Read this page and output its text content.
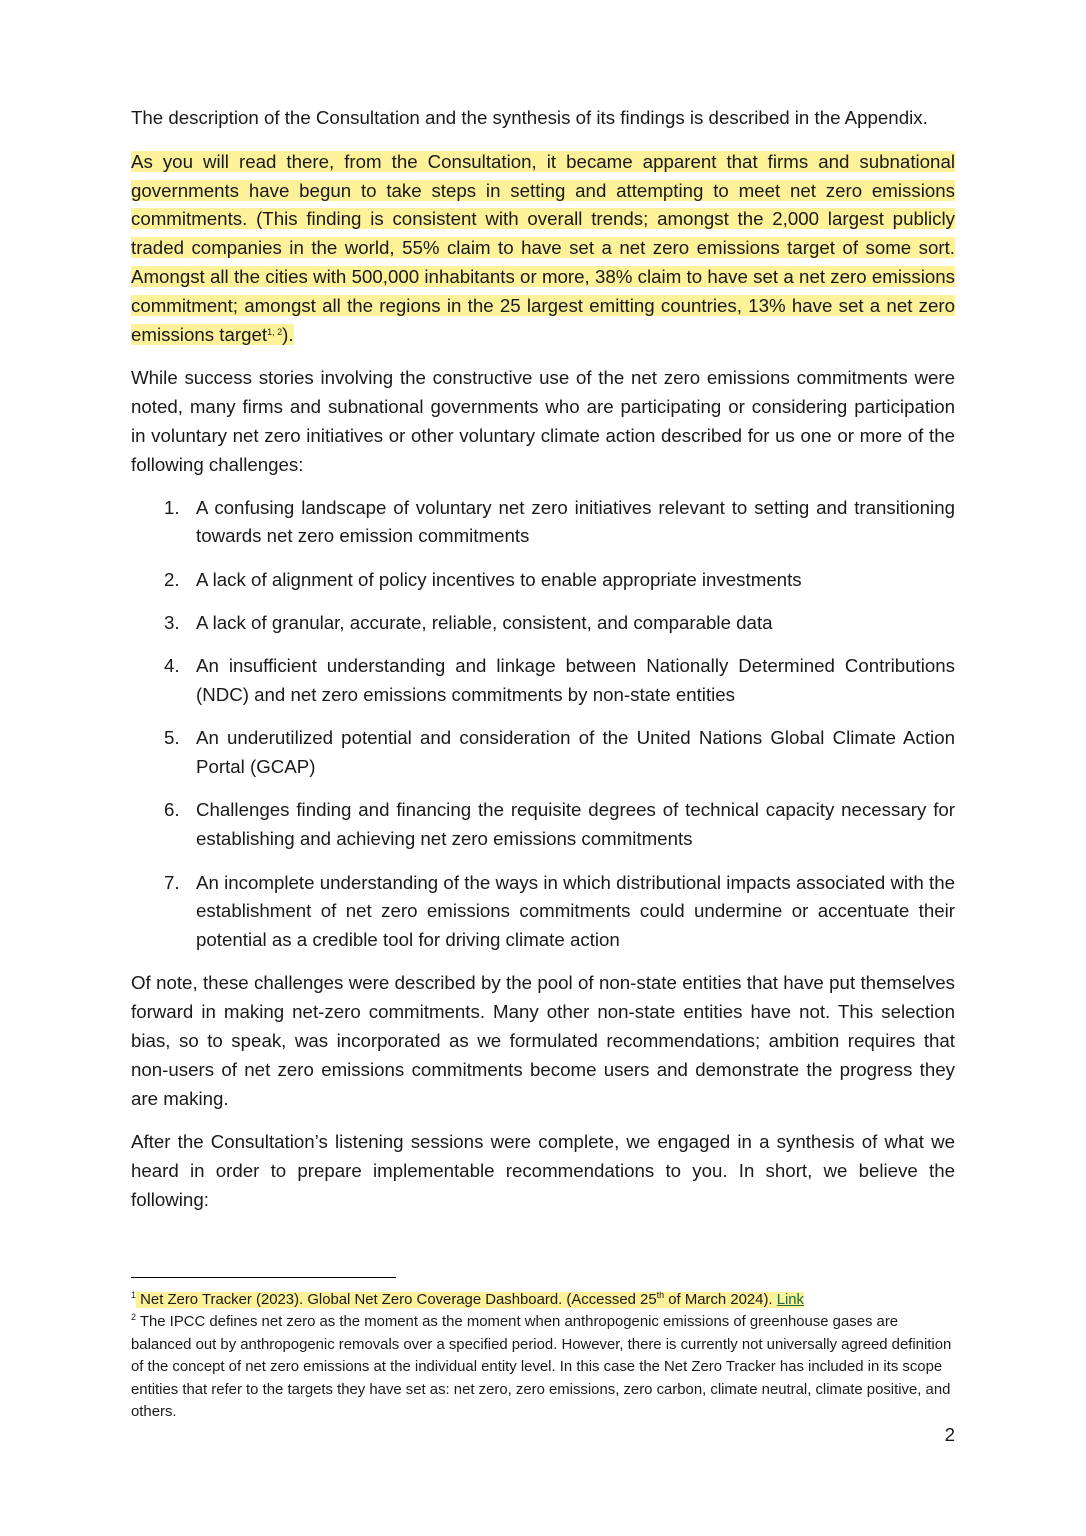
The description of the Consultation and the synthesis of its findings is described in the Appendix.

As you will read there, from the Consultation, it became apparent that firms and subnational governments have begun to take steps in setting and attempting to meet net zero emissions commitments. (This finding is consistent with overall trends; amongst the 2,000 largest publicly traded companies in the world, 55% claim to have set a net zero emissions target of some sort. Amongst all the cities with 500,000 inhabitants or more, 38% claim to have set a net zero emissions commitment; amongst all the regions in the 25 largest emitting countries, 13% have set a net zero emissions target$^{1,}$ $^2$).

While success stories involving the constructive use of the net zero emissions commitments were noted, many firms and subnational governments who are participating or considering participation in voluntary net zero initiatives or other voluntary climate action described for us one or more of the following challenges:

1. A confusing landscape of voluntary net zero initiatives relevant to setting and transitioning towards net zero emission commitments
2. A lack of alignment of policy incentives to enable appropriate investments
3. A lack of granular, accurate, reliable, consistent, and comparable data
4. An insufficient understanding and linkage between Nationally Determined Contributions (NDC) and net zero emissions commitments by non-state entities
5. An underutilized potential and consideration of the United Nations Global Climate Action Portal (GCAP)
6. Challenges finding and financing the requisite degrees of technical capacity necessary for establishing and achieving net zero emissions commitments
7. An incomplete understanding of the ways in which distributional impacts associated with the establishment of net zero emissions commitments could undermine or accentuate their potential as a credible tool for driving climate action

Of note, these challenges were described by the pool of non-state entities that have put themselves forward in making net-zero commitments. Many other non-state entities have not. This selection bias, so to speak, was incorporated as we formulated recommendations; ambition requires that non-users of net zero emissions commitments become users and demonstrate the progress they are making.

After the Consultation’s listening sessions were complete, we engaged in a synthesis of what we heard in order to prepare implementable recommendations to you. In short, we believe the following:

$^1$ Net Zero Tracker (2023). Global Net Zero Coverage Dashboard. (Accessed 25th of March 2024). Link

$^2$ The IPCC defines net zero as the moment as the moment when anthropogenic emissions of greenhouse gases are balanced out by anthropogenic removals over a specified period. However, there is currently not universally agreed definition of the concept of net zero emissions at the individual entity level. In this case the Net Zero Tracker has included in its scope entities that refer to the targets they have set as: net zero, zero emissions, zero carbon, climate neutral, climate positive, and others.

2
